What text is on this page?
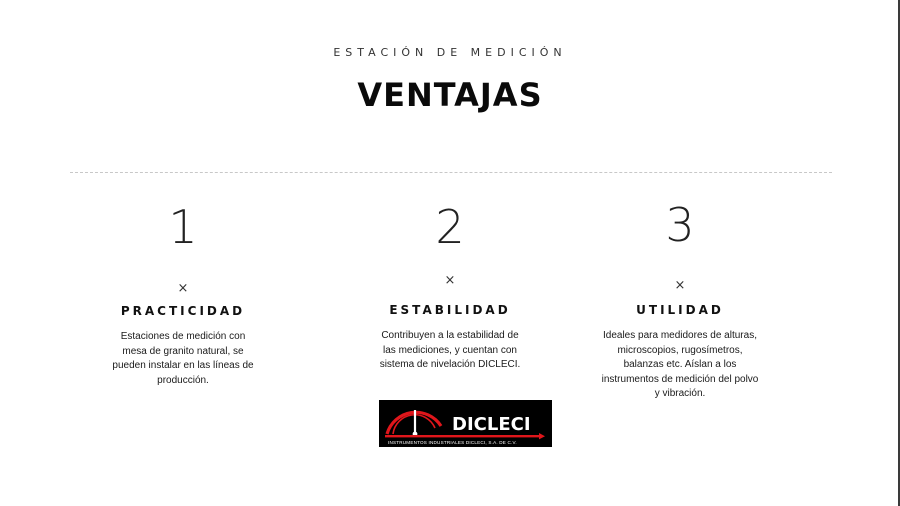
ESTACIÓN DE MEDICIÓN
VENTAJAS
1
×
PRACTICIDAD
Estaciones de medición con mesa de granito natural, se pueden instalar en las líneas de producción.
2
×
ESTABILIDAD
Contribuyen a la estabilidad de las mediciones, y cuentan con sistema de nivelación DICLECI.
3
×
UTILIDAD
Ideales para medidores de alturas, microscopios, rugosímetros, balanzas etc. Aíslan a los instrumentos de medición del polvo y vibración.
DICLECI
INSTRUMENTOS INDUSTRIALES DICLECI, S.A. DE C.V.
